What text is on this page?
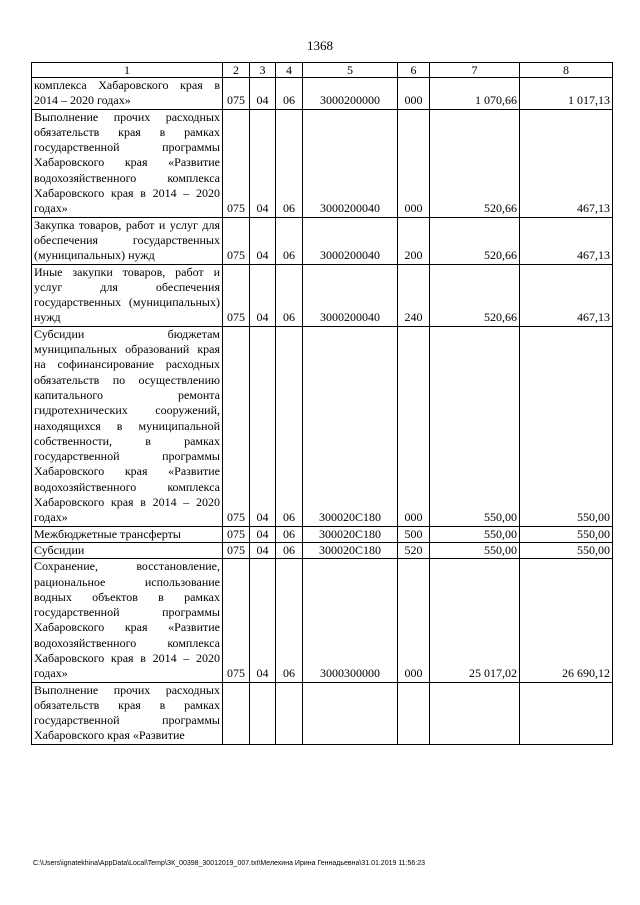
1368
1	2	3	4	5	6	7	8
комплекса Хабаровского края в 2014 – 2020 годах»	075	04	06	3000200000	000	1 070,66	1 017,13
Выполнение прочих расходных обязательств края в рамках государственной программы Хабаровского края «Развитие водохозяйственного комплекса Хабаровского края в 2014 – 2020 годах»	075	04	06	3000200040	000	520,66	467,13
Закупка товаров, работ и услуг для обеспечения государственных (муниципальных) нужд	075	04	06	3000200040	200	520,66	467,13
Иные закупки товаров, работ и услуг для обеспечения государственных (муниципальных) нужд	075	04	06	3000200040	240	520,66	467,13
Субсидии бюджетам муниципальных образований края на софинансирование расходных обязательств по осуществлению капитального ремонта гидротехнических сооружений, находящихся в муниципальной собственности, в рамках государственной программы Хабаровского края «Развитие водохозяйственного комплекса Хабаровского края в 2014 – 2020 годах»	075	04	06	300020С180	000	550,00	550,00
Межбюджетные трансферты	075	04	06	300020С180	500	550,00	550,00
Субсидии	075	04	06	300020С180	520	550,00	550,00
Сохранение, восстановление, рациональное использование водных объектов в рамках государственной программы Хабаровского края «Развитие водохозяйственного комплекса Хабаровского края в 2014 – 2020 годах»	075	04	06	3000300000	000	25 017,02	26 690,12
Выполнение прочих расходных обязательств края в рамках государственной программы Хабаровского края «Развитие							
C:\Users\ignatekhina\AppData\Local\Temp\ЗК_00398_30012019_007.txt\Мелехина Ирина Геннадьевна\31.01.2019 11:56:23
